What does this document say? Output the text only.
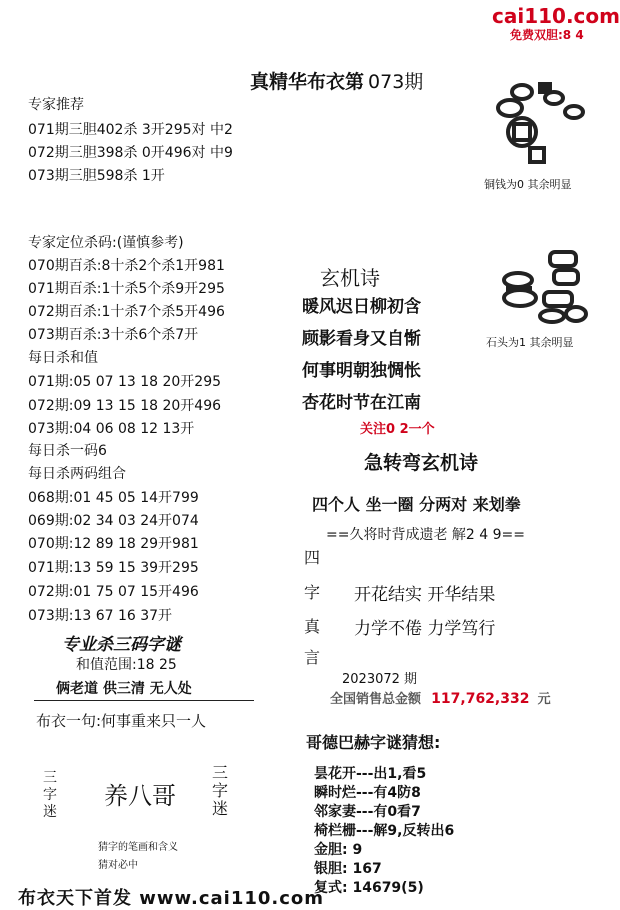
cai110.com
免费双胆:8 4
真精华布衣第 073期
专家推荐
071期三胆402杀 3开295对 中2
072期三胆398杀 0开496对 中9
073期三胆598杀 1开
铜钱为0 其余明显
专家定位杀码:(谨慎参考)
070期百杀:8十杀2个杀1开981
071期百杀:1十杀5个杀9开295
072期百杀:1十杀7个杀5开496
073期百杀:3十杀6个杀7开
每日杀和值
071期:05 07 13 18 20开295
072期:09 13 15 18 20开496
073期:04 06 08 12 13开
每日杀一码6
每日杀两码组合
068期:01 45 05 14开799
069期:02 34 03 24开074
070期:12 89 18 29开981
071期:13 59 15 39开295
072期:01 75 07 15开496
073期:13 67 16 37开
玄机诗
暖风迟日柳初含
顾影看身又自惭
何事明朝独惆怅
杏花时节在江南
关注0 2一个
石头为1 其余明显
急转弯玄机诗
四个人 坐一圈 分两对 来划拳
==久将时背成遗老 解2 4 9==
四
字
真
言
开花结实 开华结果
力学不倦 力学笃行
2023072 期
全国销售总金额 117,762,332 元
专业杀三码字谜
和值范围:18 25
俩老道 供三清 无人处
布衣一句:何事重来只一人
三
字
迷
养八哥
三
字
迷
猜字的笔画和含义
猜对必中
哥德巴赫字谜猜想:
昙花开---出1,看5
瞬时烂---有4防8
邻家妻---有0看7
椅栏栅---解9,反转出6
金胆: 9
银胆: 167
复式: 14679(5)
布衣天下首发 www.cai110.com
